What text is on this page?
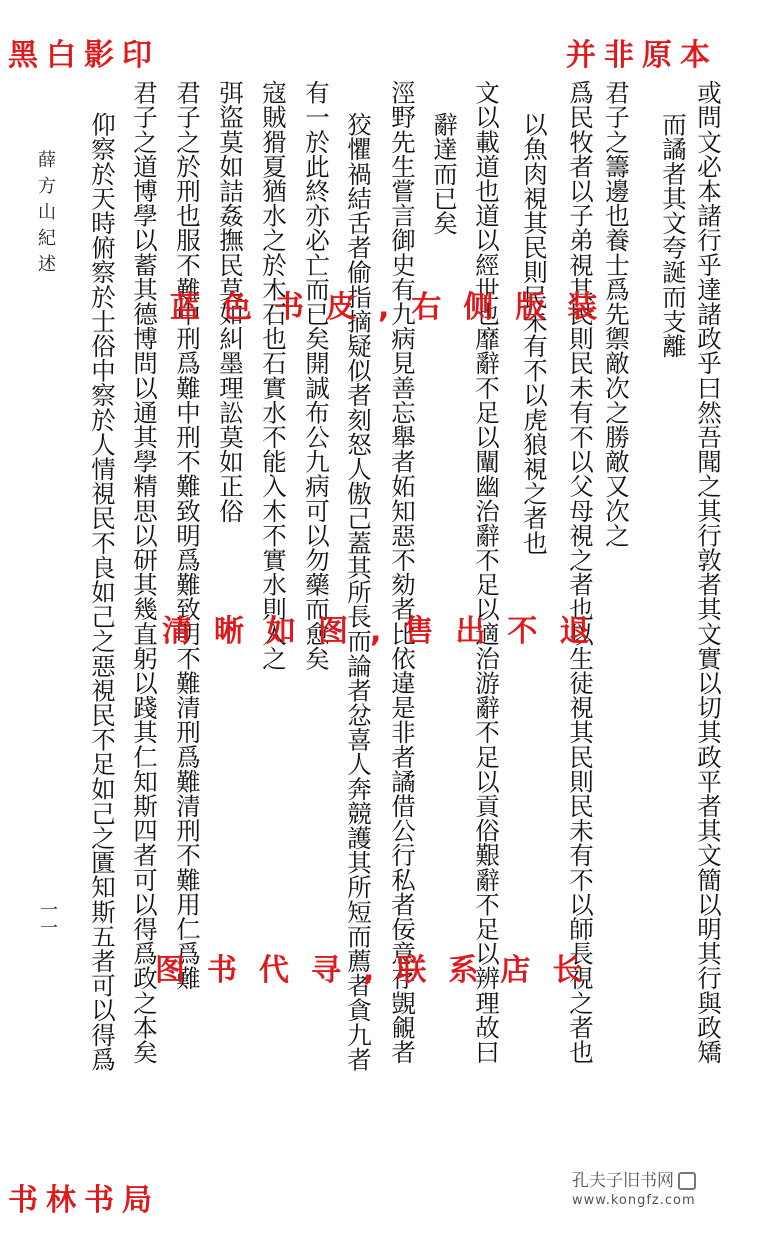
黑白影印	并非原本
书林书局
或問文必本諸行乎達諸政乎曰然吾聞之其行敦者其文實以切其政平者其文簡以明其行與政矯
而譎者其文夸誕而支離
君子之籌邊也養士爲先禦敵次之勝敵又次之
爲民牧者以子弟視其民則民未有不以父母視之者也以生徒視其民則民未有不以師長視之者也
以魚肉視其民則民未有不以虎狼視之者也
文以載道也道以經世也靡辭不足以闡幽治辭不足以適治游辭不足以貢俗艱辭不足以辨理故曰
辭達而已矣
涇野先生嘗言御史有九病見善忘舉者妬知惡不劾者比依違是非者譎借公行私者佞意存覬覦者
狡懼禍結舌者偷指摘疑似者刻怒人傲己蓋其所長而論者忿喜人奔競護其所短而薦者貪九者
有一於此終亦必亡而已矣開誠布公九病可以勿藥而愈矣
寇賊猾夏猶水之於木石也石實水不能入木不實水則入之
弭盜莫如詰姦撫民莫如糾墨理訟莫如正俗
君子之於刑也服不難中刑爲難中刑不難致明爲難致明不難清刑爲難清刑不難用仁爲難
君子之道博學以蓄其德博問以通其學精思以研其幾直躬以踐其仁知斯四者可以得爲政之本矣
仰察於天時俯察於士俗中察於人情視民不良如己之惡視民不足如己之匱知斯五者可以得爲
薛方山紀述
一一
蓝色书皮,右侧版装
清晰如图,售出不退
图书代寻,联系店长
孔夫子旧书网
www.kongfz.com
